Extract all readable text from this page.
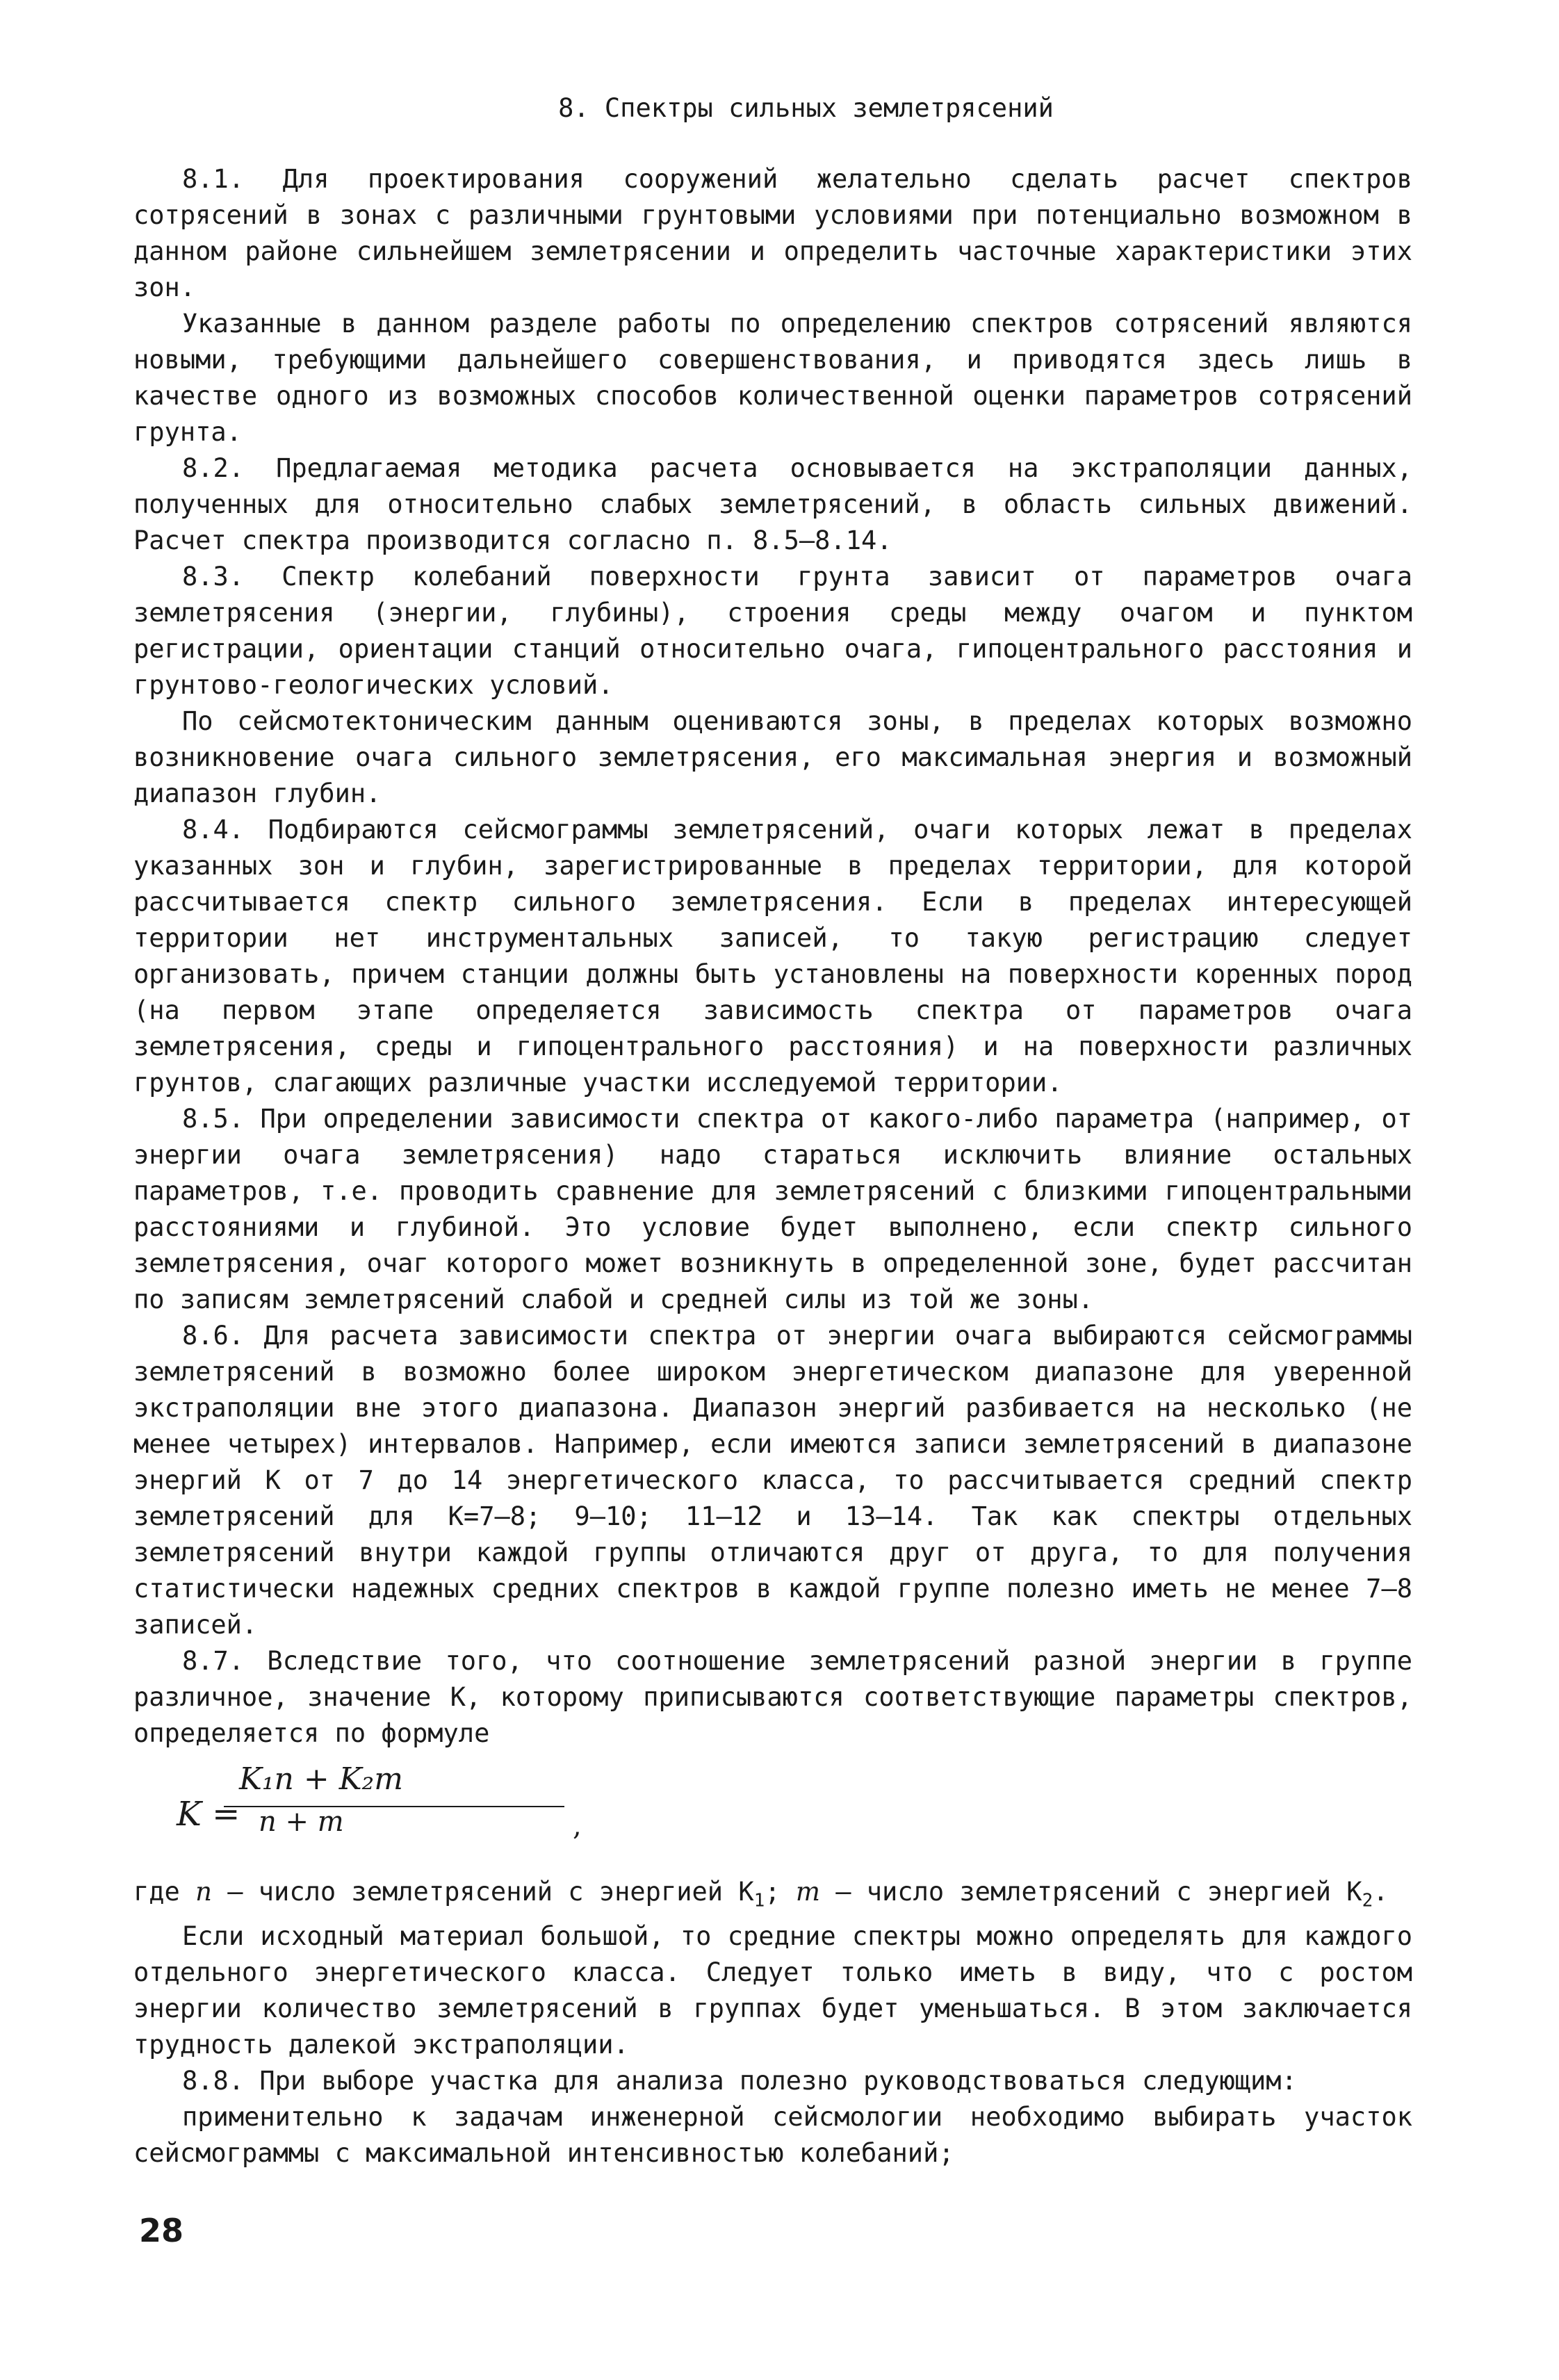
8. Спектры сильных землетрясений

8.1. Для проектирования сооружений желательно сделать расчет спектров сотрясений в зонах с различными грунтовыми условиями при потенциально возможном в данном районе сильнейшем землетрясении и определить часточные характеристики этих зон.

Указанные в данном разделе работы по определению спектров сотрясений являются новыми, требующими дальнейшего совершенствования, и приводятся здесь лишь в качестве одного из возможных способов количественной оценки параметров сотрясений грунта.

8.2. Предлагаемая методика расчета основывается на экстраполяции данных, полученных для относительно слабых землетрясений, в область сильных движений. Расчет спектра производится согласно п. 8.5–8.14.

8.3. Спектр колебаний поверхности грунта зависит от параметров очага землетрясения (энергии, глубины), строения среды между очагом и пунктом регистрации, ориентации станций относительно очага, гипоцентрального расстояния и грунтово-геологических условий.

По сейсмотектоническим данным оцениваются зоны, в пределах которых возможно возникновение очага сильного землетрясения, его максимальная энергия и возможный диапазон глубин.

8.4. Подбираются сейсмограммы землетрясений, очаги которых лежат в пределах указанных зон и глубин, зарегистрированные в пределах территории, для которой рассчитывается спектр сильного землетрясения. Если в пределах интересующей территории нет инструментальных записей, то такую регистрацию следует организовать, причем станции должны быть установлены на поверхности коренных пород (на первом этапе определяется зависимость спектра от параметров очага землетрясения, среды и гипоцентрального расстояния) и на поверхности различных грунтов, слагающих различные участки исследуемой территории.

8.5. При определении зависимости спектра от какого-либо параметра (например, от энергии очага землетрясения) надо стараться исключить влияние остальных параметров, т.е. проводить сравнение для землетрясений с близкими гипоцентральными расстояниями и глубиной. Это условие будет выполнено, если спектр сильного землетрясения, очаг которого может возникнуть в определенной зоне, будет рассчитан по записям землетрясений слабой и средней силы из той же зоны.

8.6. Для расчета зависимости спектра от энергии очага выбираются сейсмограммы землетрясений в возможно более широком энергетическом диапазоне для уверенной экстраполяции вне этого диапазона. Диапазон энергий разбивается на несколько (не менее четырех) интервалов. Например, если имеются записи землетрясений в диапазоне энергий K от 7 до 14 энергетического класса, то рассчитывается средний спектр землетрясений для K=7–8; 9–10; 11–12 и 13–14. Так как спектры отдельных землетрясений внутри каждой группы отличаются друг от друга, то для получения статистически надежных средних спектров в каждой группе полезно иметь не менее 7–8 записей.

8.7. Вследствие того, что соотношение землетрясений разной энергии в группе различное, значение K, которому приписываются соответствующие параметры спектров, определяется по формуле

K =
K₁n + K₂m
n + m	,

где n – число землетрясений с энергией $K_1$; m – число землетрясений с энергией $K_2$.

Если исходный материал большой, то средние спектры можно определять для каждого отдельного энергетического класса. Следует только иметь в виду, что с ростом энергии количество землетрясений в группах будет уменьшаться. В этом заключается трудность далекой экстраполяции.

8.8. При выборе участка для анализа полезно руководствоваться следующим:

применительно к задачам инженерной сейсмологии необходимо выбирать участок сейсмограммы с максимальной интенсивностью колебаний;

28
